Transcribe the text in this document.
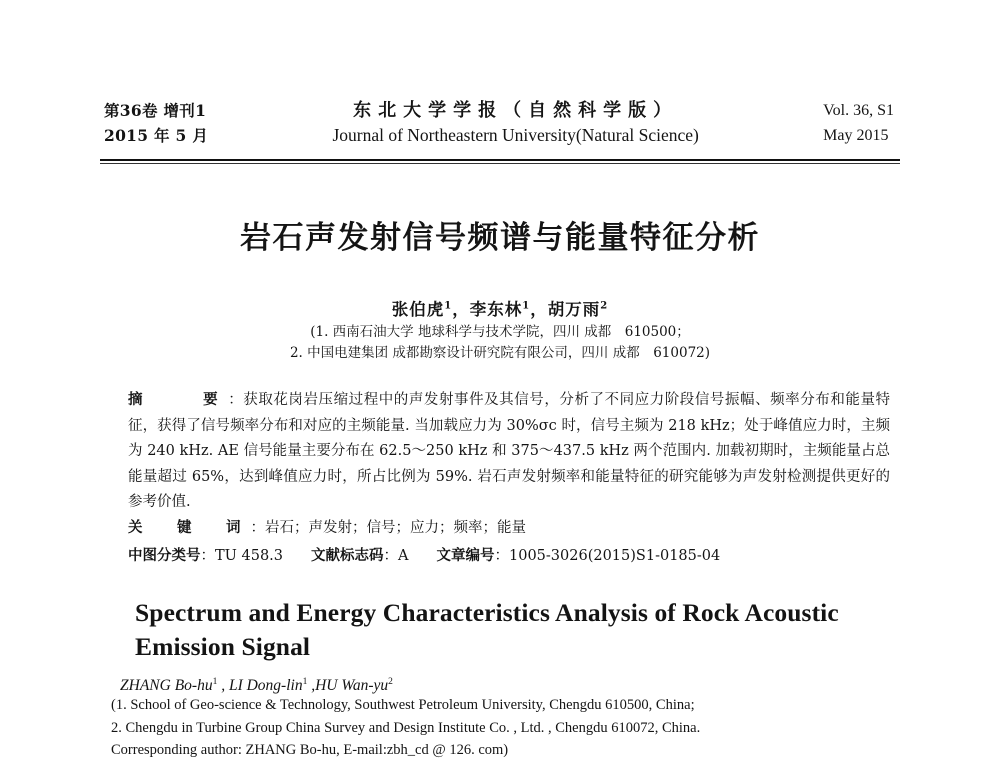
第36卷 增刊1
2015 年 5 月
东北大学学报（自然科学版）
Journal of Northeastern University(Natural Science)
Vol. 36, S1
May 2015
岩石声发射信号频谱与能量特征分析
张伯虎$^1$，李东林$^1$，胡万雨$^2$
(1. 西南石油大学 地球科学与技术学院，四川 成都　610500；
2. 中国电建集团 成都勘察设计研究院有限公司，四川 成都　610072)
摘　　要：获取花岗岩压缩过程中的声发射事件及其信号，分析了不同应力阶段信号振幅、频率分布和能量特征，获得了信号频率分布和对应的主频能量. 当加载应力为 30%σc 时，信号主频为 218 kHz；处于峰值应力时，主频为 240 kHz. AE 信号能量主要分布在 62.5～250 kHz 和 375～437.5 kHz 两个范围内. 加载初期时，主频能量占总能量超过 65%，达到峰值应力时，所占比例为 59%. 岩石声发射频率和能量特征的研究能够为声发射检测提供更好的参考价值.
关　键　词：岩石；声发射；信号；应力；频率；能量
中图分类号：TU 458.3 文献标志码：A 文章编号：1005-3026(2015)S1-0185-04
Spectrum and Energy Characteristics Analysis of Rock Acoustic Emission Signal
ZHANG $Bo-hu^1$ , LI Dong-lin$^1$ ,HU Wan-$yu^2$
(1. School of Geo-science & Technology, Southwest Petroleum University, Chengdu 610500, China;
2. Chengdu in Turbine Group China Survey and Design Institute Co. , Ltd. , Chengdu 610072, China.
Corresponding author: ZHANG Bo-hu, E-mail:zbh_cd @ 126. com)
